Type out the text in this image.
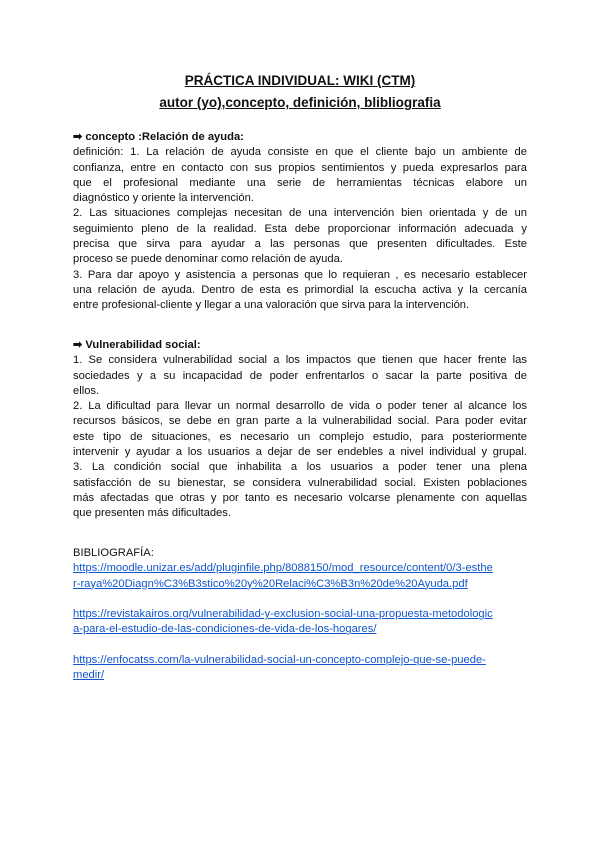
PRÁCTICA INDIVIDUAL: WIKI (CTM)
autor (yo),concepto, definición, blibliografia
➡ concepto :Relación de ayuda:
definición: 1. La relación de ayuda consiste en que el cliente bajo un ambiente de
confianza, entre en contacto con sus propios sentimientos y pueda expresarlos para
que el profesional mediante una serie de herramientas técnicas elabore un
diagnóstico y oriente la intervención.
2. Las situaciones complejas necesitan de una intervención bien orientada y de un
seguimiento pleno de la realidad. Esta debe proporcionar información adecuada y
precisa que sirva para ayudar a las personas que presenten dificultades. Este
proceso se puede denominar como relación de ayuda.
3. Para dar apoyo y asistencia a personas que lo requieran , es necesario establecer
una relación de ayuda. Dentro de esta es primordial la escucha activa y la cercanía
entre profesional-cliente y llegar a una valoración que sirva para la intervención.
➡ Vulnerabilidad social:
1. Se considera vulnerabilidad social a los impactos que tienen que hacer frente las
sociedades y a su incapacidad de poder enfrentarlos o sacar la parte positiva de
ellos.
2. La dificultad para llevar un normal desarrollo de vida o poder tener al alcance los
recursos básicos, se debe en gran parte a la vulnerabilidad social. Para poder evitar
este tipo de situaciones, es necesario un complejo estudio, para posteriormente
intervenir y ayudar a los usuarios a dejar de ser endebles a nivel individual y grupal.
3. La condición social que inhabilita a los usuarios a poder tener una plena
satisfacción de su bienestar, se considera vulnerabilidad social. Existen poblaciones
más afectadas que otras y por tanto es necesario volcarse plenamente con aquellas
que presenten más dificultades.
BIBLIOGRAFÍA:
https://moodle.unizar.es/add/pluginfile.php/8088150/mod_resource/content/0/3-esthe
r-raya%20Diagn%C3%B3stico%20y%20Relaci%C3%B3n%20de%20Ayuda.pdf
https://revistakairos.org/vulnerabilidad-y-exclusion-social-una-propuesta-metodologic
a-para-el-estudio-de-las-condiciones-de-vida-de-los-hogares/
https://enfocatss.com/la-vulnerabilidad-social-un-concepto-complejo-que-se-puede-
medir/
